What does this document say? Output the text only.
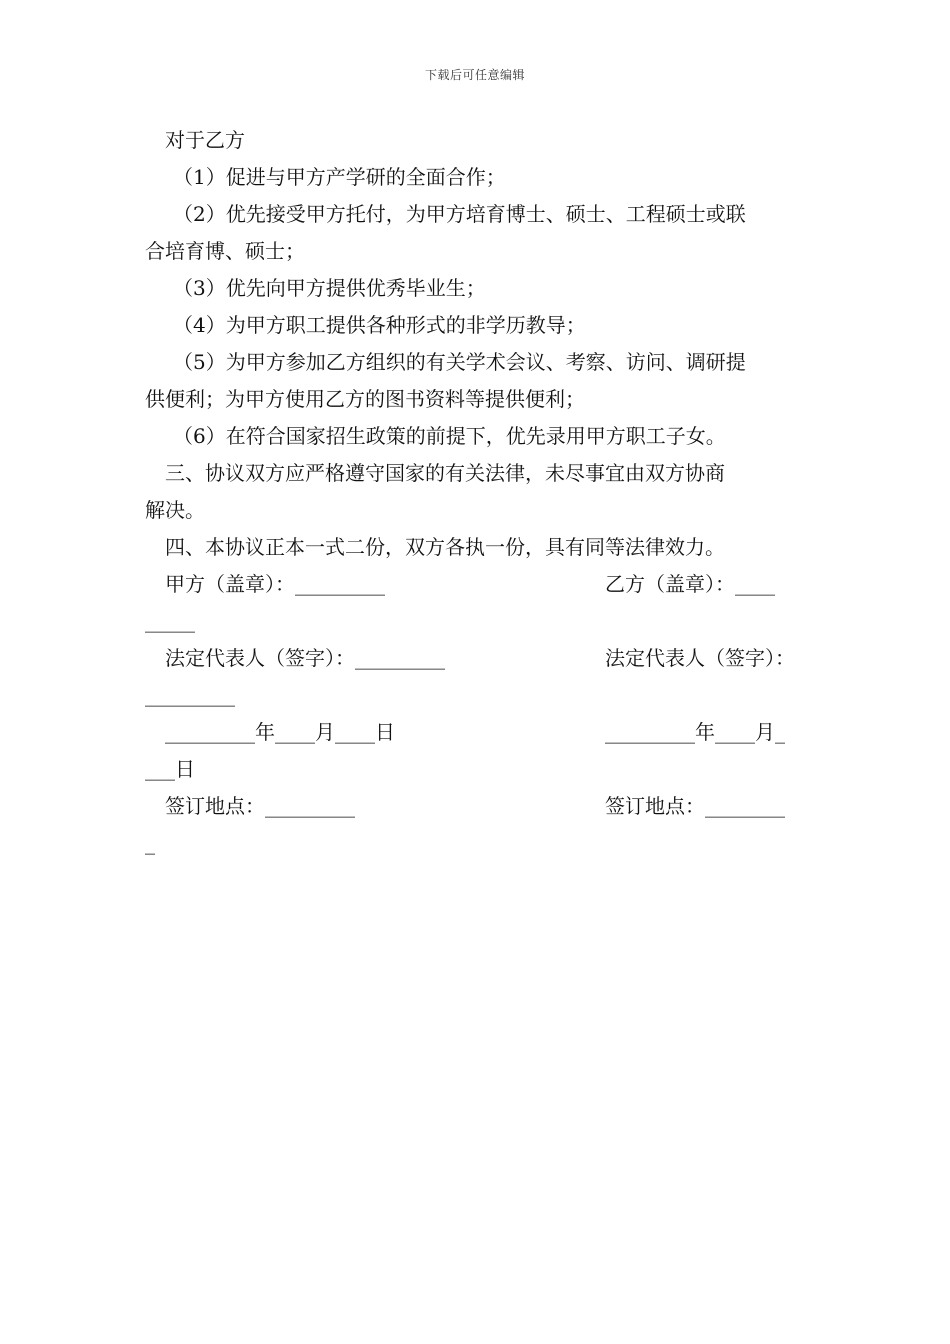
下载后可任意编辑

对于乙方

（1）促进与甲方产学研的全面合作；

（2）优先接受甲方托付，为甲方培育博士、硕士、工程硕士或联

合培育博、硕士；

（3）优先向甲方提供优秀毕业生；

（4）为甲方职工提供各种形式的非学历教导；

（5）为甲方参加乙方组织的有关学术会议、考察、访问、调研提

供便利；为甲方使用乙方的图书资料等提供便利；

（6）在符合国家招生政策的前提下，优先录用甲方职工子女。

三、协议双方应严格遵守国家的有关法律，未尽事宜由双方协商

解决。

四、本协议正本一式二份，双方各执一份，具有同等法律效力。

甲方（盖章）：_________	乙方（盖章）：____
_____
法定代表人（签字）：_________	法定代表人（签字）：
_________
_________年____月____日	_________年____月_
___日
签订地点：_________	签订地点：________
_
